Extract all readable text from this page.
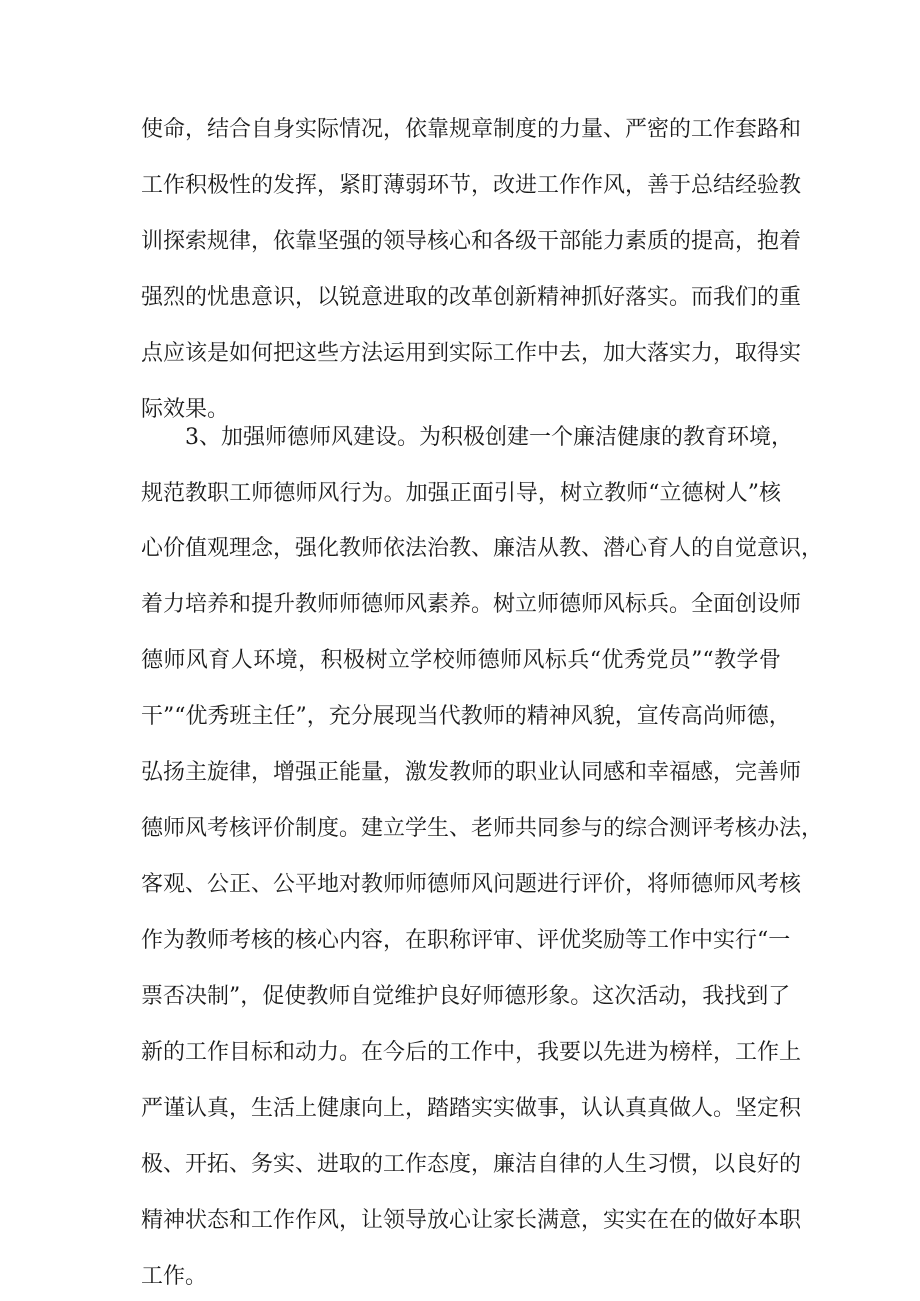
使命，结合自身实际情况，依靠规章制度的力量、严密的工作套路和
工作积极性的发挥，紧盯薄弱环节，改进工作作风，善于总结经验教
训探索规律，依靠坚强的领导核心和各级干部能力素质的提高，抱着
强烈的忧患意识，以锐意进取的改革创新精神抓好落实。而我们的重
点应该是如何把这些方法运用到实际工作中去，加大落实力，取得实
际效果。
3、加强师德师风建设。为积极创建一个廉洁健康的教育环境，
规范教职工师德师风行为。加强正面引导，树立教师“立德树人”核
心价值观理念，强化教师依法治教、廉洁从教、潜心育人的自觉意识，
着力培养和提升教师师德师风素养。树立师德师风标兵。全面创设师
德师风育人环境，积极树立学校师德师风标兵“优秀党员”“教学骨
干”“优秀班主任”，充分展现当代教师的精神风貌，宣传高尚师德，
弘扬主旋律，增强正能量，激发教师的职业认同感和幸福感，完善师
德师风考核评价制度。建立学生、老师共同参与的综合测评考核办法，
客观、公正、公平地对教师师德师风问题进行评价，将师德师风考核
作为教师考核的核心内容，在职称评审、评优奖励等工作中实行“一
票否决制”，促使教师自觉维护良好师德形象。这次活动，我找到了
新的工作目标和动力。在今后的工作中，我要以先进为榜样，工作上
严谨认真，生活上健康向上，踏踏实实做事，认认真真做人。坚定积
极、开拓、务实、进取的工作态度，廉洁自律的人生习惯，以良好的
精神状态和工作作风，让领导放心让家长满意，实实在在的做好本职
工作。
